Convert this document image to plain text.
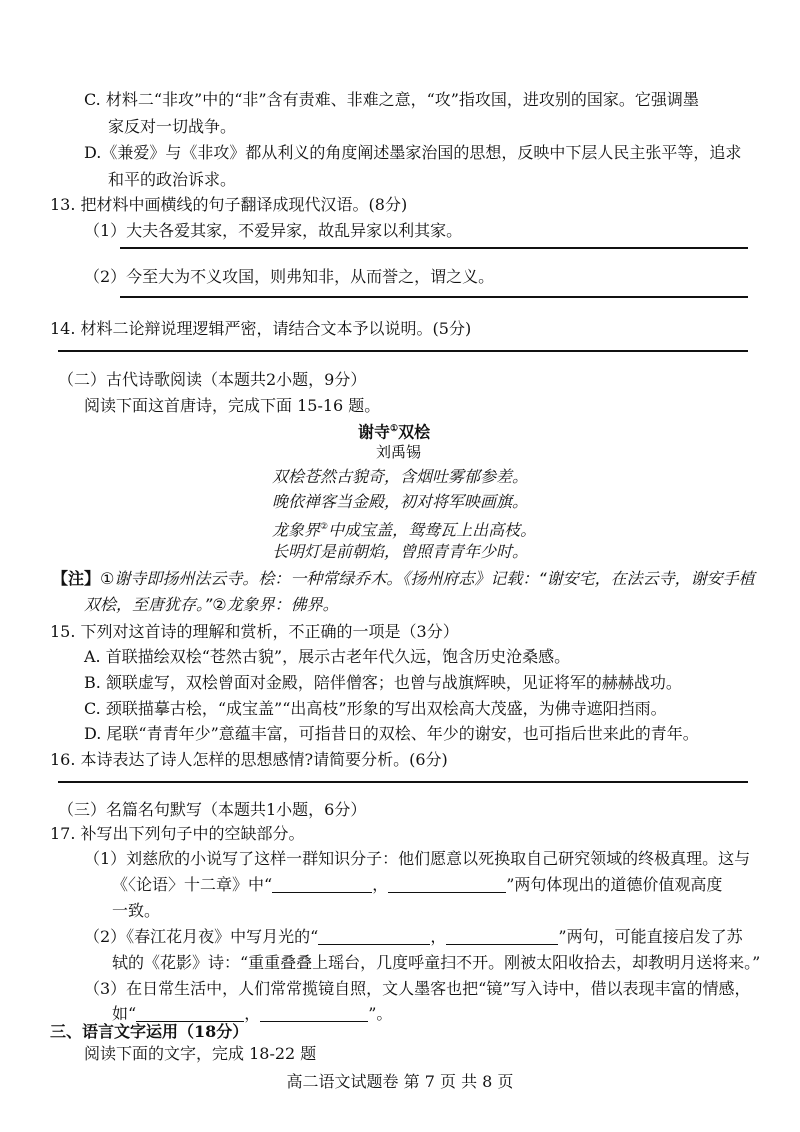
C. 材料二“非攻”中的“非”含有责难、非难之意，“攻”指攻国，进攻别的国家。它强调墨
家反对一切战争。
D.《兼爱》与《非攻》都从利义的角度阐述墨家治国的思想，反映中下层人民主张平等，追求
和平的政治诉求。
13. 把材料中画横线的句子翻译成现代汉语。(8分)
（1）大夫各爱其家，不爱异家，故乱异家以利其家。
（2）今至大为不义攻国，则弗知非，从而誉之，谓之义。
14. 材料二论辩说理逻辑严密，请结合文本予以说明。(5分)
（二）古代诗歌阅读（本题共2小题，9分）
阅读下面这首唐诗，完成下面 15-16 题。
谢寺①双桧
刘禹锡
双桧苍然古貌奇，含烟吐雾郁参差。
晚依禅客当金殿，初对将军映画旗。
龙象界②中成宝盖，鸳鸯瓦上出高枝。
长明灯是前朝焰，曾照青青年少时。
【注】①谢寺即扬州法云寺。桧：一种常绿乔木。《扬州府志》记载：“谢安宅，在法云寺，谢安手植
双桧，至唐犹存。”②龙象界：佛界。
15. 下列对这首诗的理解和赏析，不正确的一项是（3分）
A. 首联描绘双桧“苍然古貌”，展示古老年代久远，饱含历史沧桑感。
B. 颔联虚写，双桧曾面对金殿，陪伴僧客；也曾与战旗辉映，见证将军的赫赫战功。
C. 颈联描摹古桧，“成宝盖”“出高枝”形象的写出双桧高大茂盛，为佛寺遮阳挡雨。
D. 尾联“青青年少”意蕴丰富，可指昔日的双桧、年少的谢安，也可指后世来此的青年。
16. 本诗表达了诗人怎样的思想感情?请简要分析。(6分)
（三）名篇名句默写（本题共1小题，6分）
17. 补写出下列句子中的空缺部分。
（1）刘慈欣的小说写了这样一群知识分子：他们愿意以死换取自己研究领域的终极真理。这与
《〈论语〉十二章》中“	，	”两句体现出的道德价值观高度
一致。
（2）《春江花月夜》中写月光的“	，	”两句，可能直接启发了苏
轼的《花影》诗：“重重叠叠上瑶台，几度呼童扫不开。刚被太阳收拾去，却教明月送将来。”
（3）在日常生活中，人们常常揽镜自照，文人墨客也把“镜”写入诗中，借以表现丰富的情感，
如“	，	”。
三、语言文字运用（18分）
阅读下面的文字，完成 18-22 题
高二语文试题卷 第 7 页 共 8 页
